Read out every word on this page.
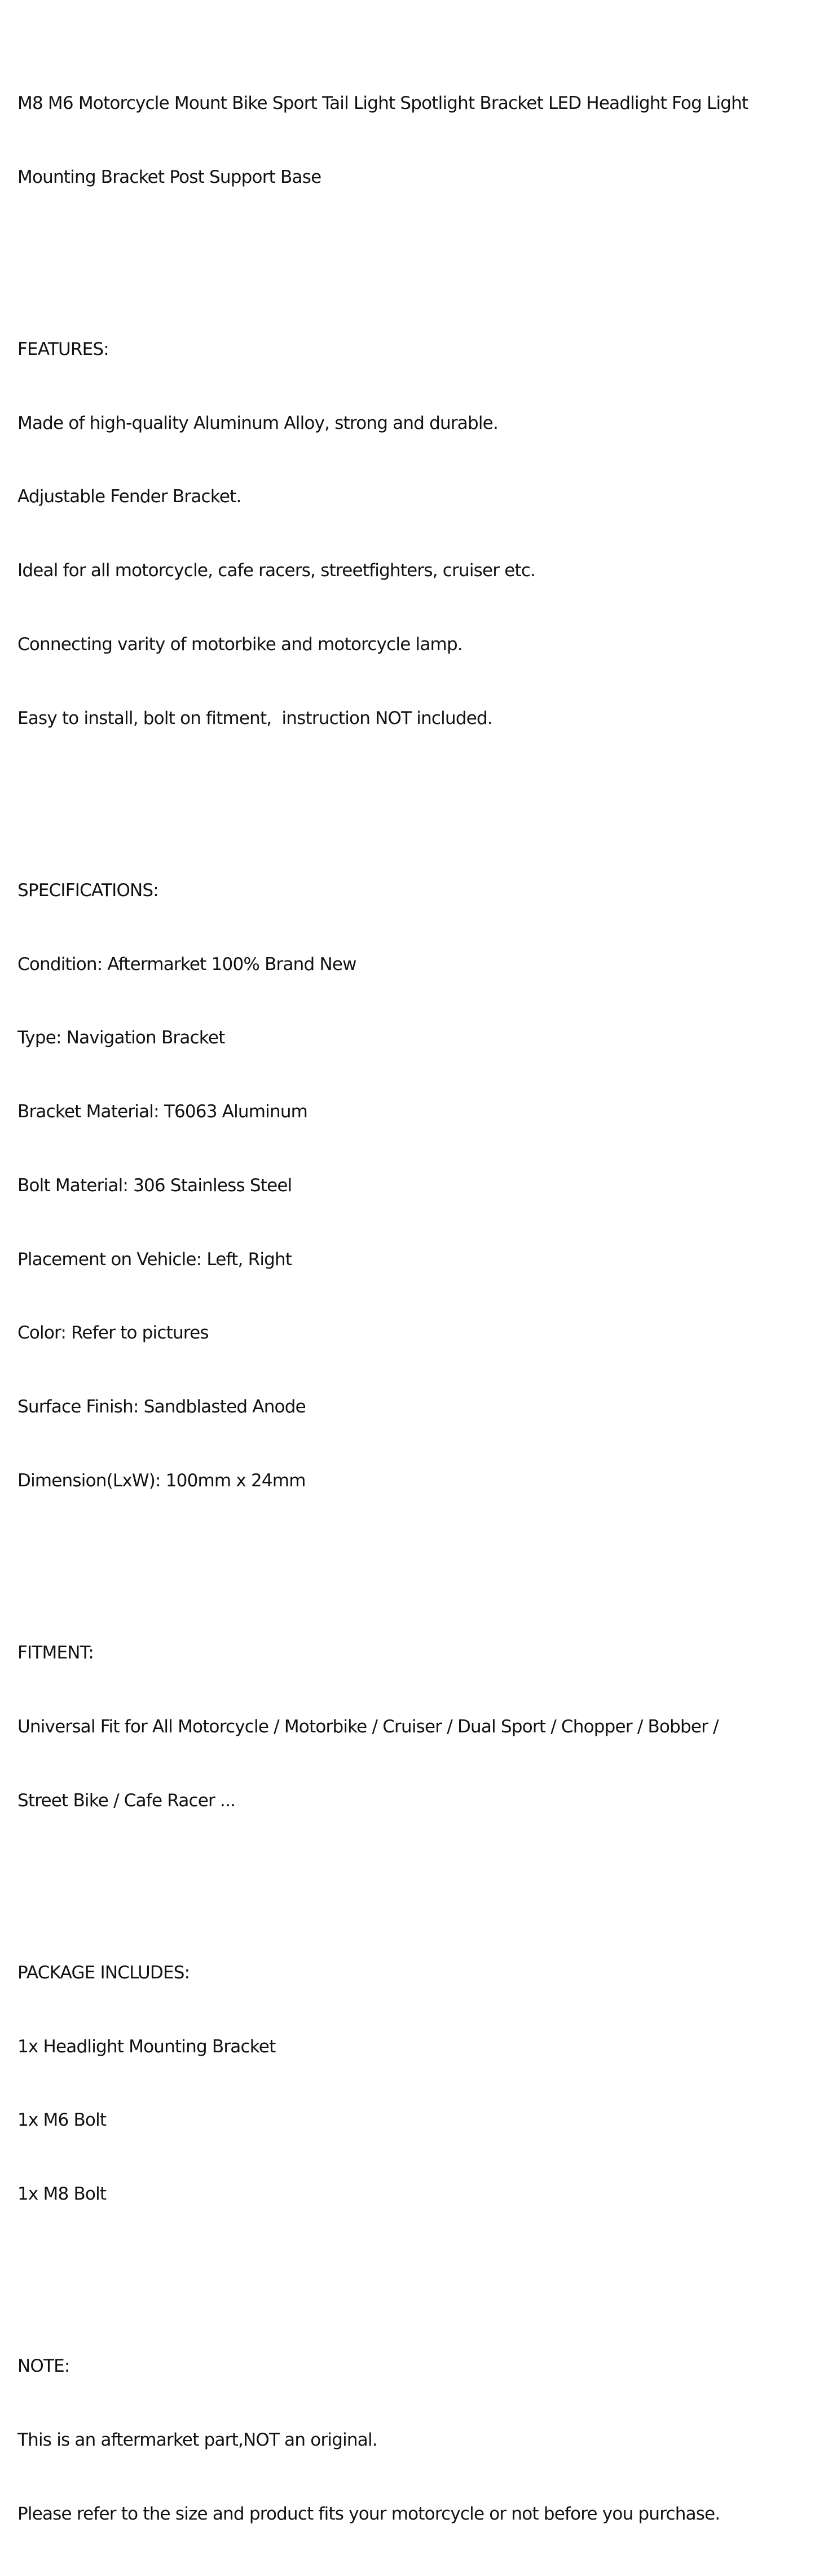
M8 M6 Motorcycle Mount Bike Sport Tail Light Spotlight Bracket LED Headlight Fog Light

Mounting Bracket Post Support Base

FEATURES:

Made of high-quality Aluminum Alloy, strong and durable.

Adjustable Fender Bracket.

Ideal for all motorcycle, cafe racers, streetfighters, cruiser etc.

Connecting varity of motorbike and motorcycle lamp.

Easy to install, bolt on fitment,  instruction NOT included.

SPECIFICATIONS:

Condition: Aftermarket 100% Brand New

Type: Navigation Bracket

Bracket Material: T6063 Aluminum

Bolt Material: 306 Stainless Steel

Placement on Vehicle: Left, Right

Color: Refer to pictures

Surface Finish: Sandblasted Anode

Dimension(LxW): 100mm x 24mm

FITMENT:

Universal Fit for All Motorcycle / Motorbike / Cruiser / Dual Sport / Chopper / Bobber /

Street Bike / Cafe Racer ...

PACKAGE INCLUDES:

1x Headlight Mounting Bracket

1x M6 Bolt

1x M8 Bolt

NOTE:

This is an aftermarket part,NOT an original.

Please refer to the size and product fits your motorcycle or not before you purchase.
